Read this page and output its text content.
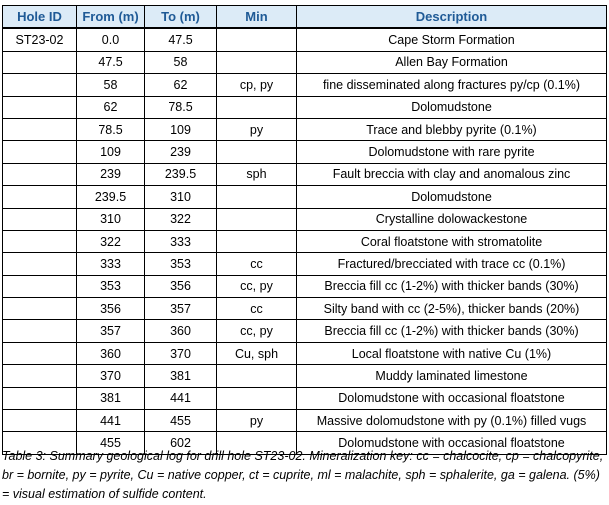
Hole ID	From (m)	To (m)	Min	Description
ST23-02	0.0	47.5		Cape Storm Formation
	47.5	58		Allen Bay Formation
	58	62	cp, py	fine disseminated along fractures py/cp (0.1%)
	62	78.5		Dolomudstone
	78.5	109	py	Trace and blebby pyrite (0.1%)
	109	239		Dolomudstone with rare pyrite
	239	239.5	sph	Fault breccia with clay and anomalous zinc
	239.5	310		Dolomudstone
	310	322		Crystalline dolowackestone
	322	333		Coral floatstone with stromatolite
	333	353	cc	Fractured/brecciated with trace cc (0.1%)
	353	356	cc, py	Breccia fill cc (1-2%) with thicker bands (30%)
	356	357	cc	Silty band with cc (2-5%), thicker bands (20%)
	357	360	cc, py	Breccia fill cc (1-2%) with thicker bands (30%)
	360	370	Cu, sph	Local floatstone with native Cu (1%)
	370	381		Muddy laminated limestone
	381	441		Dolomudstone with occasional floatstone
	441	455	py	Massive dolomudstone with py (0.1%) filled vugs
	455	602		Dolomudstone with occasional floatstone
Table 3: Summary geological log for drill hole ST23-02. Mineralization key: cc = chalcocite, cp = chalcopyrite, br = bornite, py = pyrite, Cu = native copper, ct = cuprite, ml = malachite, sph = sphalerite, ga = galena. (5%) = visual estimation of sulfide content.
